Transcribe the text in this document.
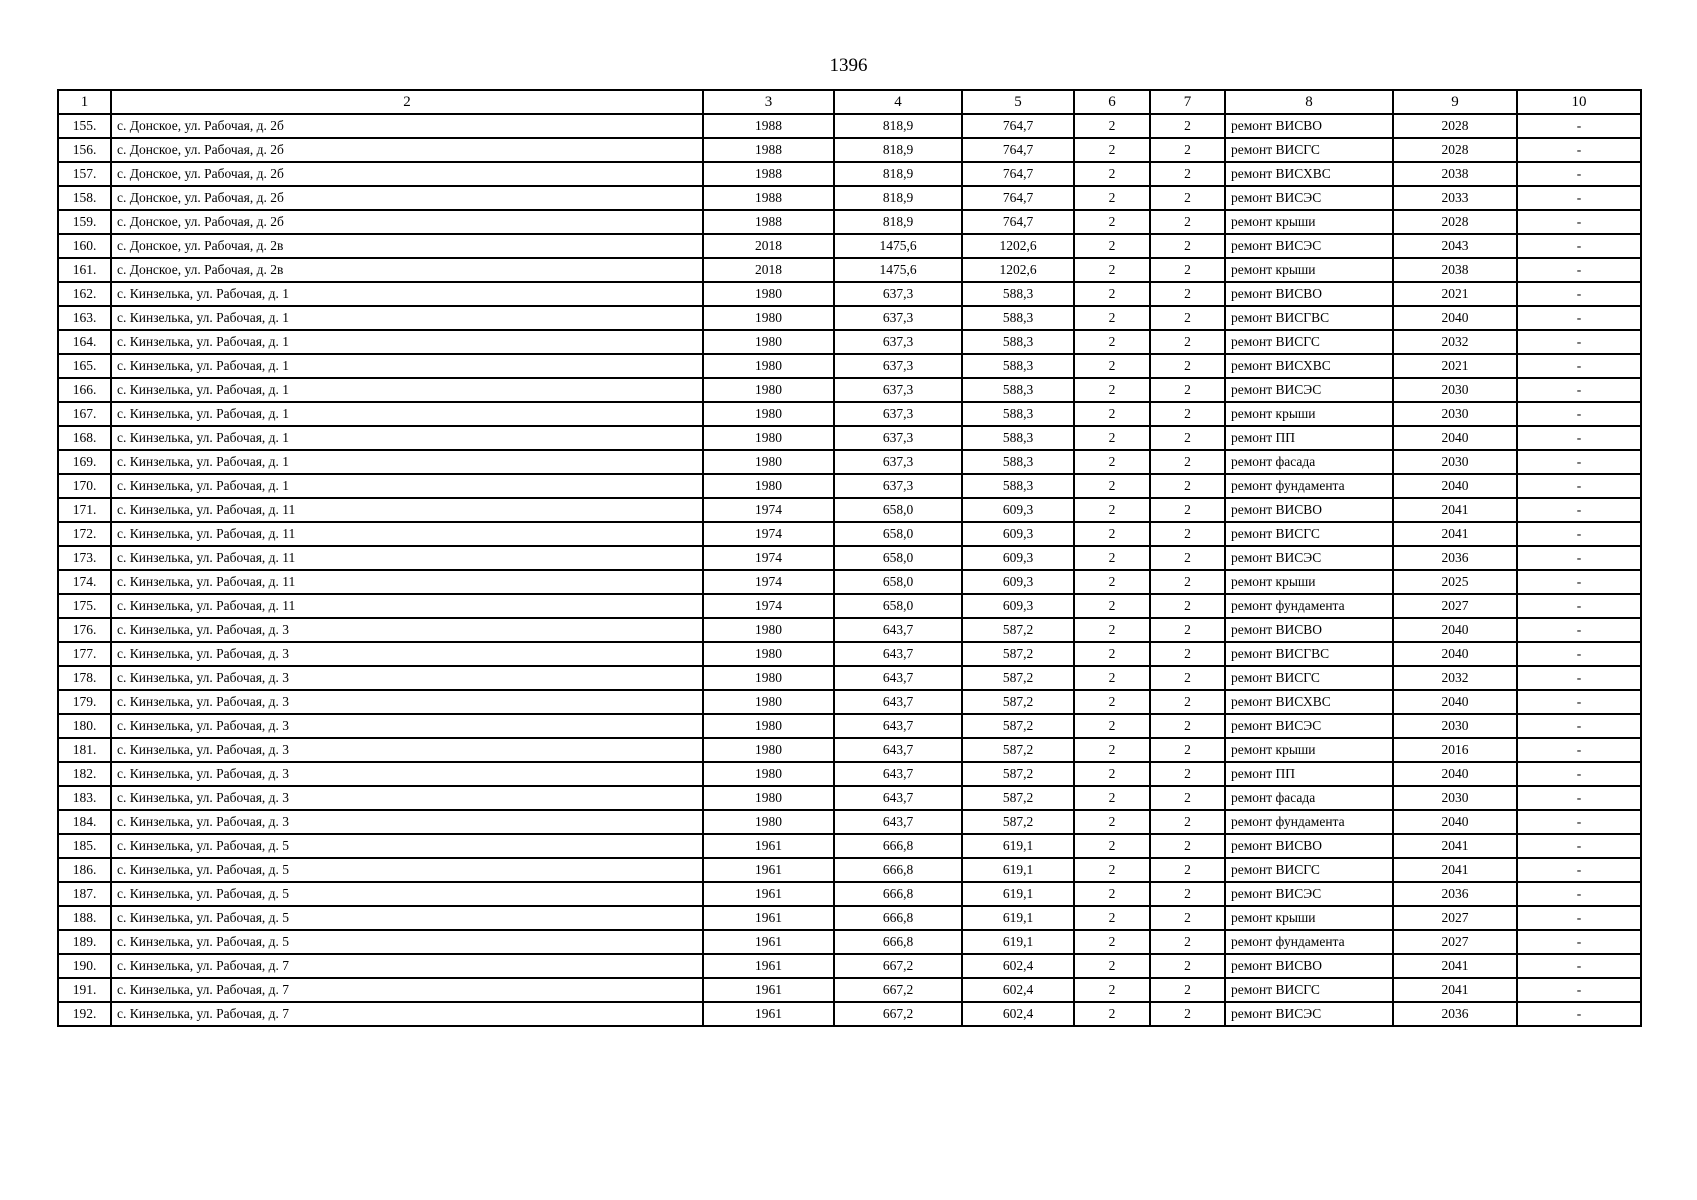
1396
1	2	3	4	5	6	7	8	9	10
155.	с. Донское, ул. Рабочая, д. 2б	1988	818,9	764,7	2	2	ремонт ВИСВО	2028	-
156.	с. Донское, ул. Рабочая, д. 2б	1988	818,9	764,7	2	2	ремонт ВИСГС	2028	-
157.	с. Донское, ул. Рабочая, д. 2б	1988	818,9	764,7	2	2	ремонт ВИСХВС	2038	-
158.	с. Донское, ул. Рабочая, д. 2б	1988	818,9	764,7	2	2	ремонт ВИСЭС	2033	-
159.	с. Донское, ул. Рабочая, д. 2б	1988	818,9	764,7	2	2	ремонт крыши	2028	-
160.	с. Донское, ул. Рабочая, д. 2в	2018	1475,6	1202,6	2	2	ремонт ВИСЭС	2043	-
161.	с. Донское, ул. Рабочая, д. 2в	2018	1475,6	1202,6	2	2	ремонт крыши	2038	-
162.	с. Кинзелька, ул. Рабочая, д. 1	1980	637,3	588,3	2	2	ремонт ВИСВО	2021	-
163.	с. Кинзелька, ул. Рабочая, д. 1	1980	637,3	588,3	2	2	ремонт ВИСГВС	2040	-
164.	с. Кинзелька, ул. Рабочая, д. 1	1980	637,3	588,3	2	2	ремонт ВИСГС	2032	-
165.	с. Кинзелька, ул. Рабочая, д. 1	1980	637,3	588,3	2	2	ремонт ВИСХВС	2021	-
166.	с. Кинзелька, ул. Рабочая, д. 1	1980	637,3	588,3	2	2	ремонт ВИСЭС	2030	-
167.	с. Кинзелька, ул. Рабочая, д. 1	1980	637,3	588,3	2	2	ремонт крыши	2030	-
168.	с. Кинзелька, ул. Рабочая, д. 1	1980	637,3	588,3	2	2	ремонт ПП	2040	-
169.	с. Кинзелька, ул. Рабочая, д. 1	1980	637,3	588,3	2	2	ремонт фасада	2030	-
170.	с. Кинзелька, ул. Рабочая, д. 1	1980	637,3	588,3	2	2	ремонт фундамента	2040	-
171.	с. Кинзелька, ул. Рабочая, д. 11	1974	658,0	609,3	2	2	ремонт ВИСВО	2041	-
172.	с. Кинзелька, ул. Рабочая, д. 11	1974	658,0	609,3	2	2	ремонт ВИСГС	2041	-
173.	с. Кинзелька, ул. Рабочая, д. 11	1974	658,0	609,3	2	2	ремонт ВИСЭС	2036	-
174.	с. Кинзелька, ул. Рабочая, д. 11	1974	658,0	609,3	2	2	ремонт крыши	2025	-
175.	с. Кинзелька, ул. Рабочая, д. 11	1974	658,0	609,3	2	2	ремонт фундамента	2027	-
176.	с. Кинзелька, ул. Рабочая, д. 3	1980	643,7	587,2	2	2	ремонт ВИСВО	2040	-
177.	с. Кинзелька, ул. Рабочая, д. 3	1980	643,7	587,2	2	2	ремонт ВИСГВС	2040	-
178.	с. Кинзелька, ул. Рабочая, д. 3	1980	643,7	587,2	2	2	ремонт ВИСГС	2032	-
179.	с. Кинзелька, ул. Рабочая, д. 3	1980	643,7	587,2	2	2	ремонт ВИСХВС	2040	-
180.	с. Кинзелька, ул. Рабочая, д. 3	1980	643,7	587,2	2	2	ремонт ВИСЭС	2030	-
181.	с. Кинзелька, ул. Рабочая, д. 3	1980	643,7	587,2	2	2	ремонт крыши	2016	-
182.	с. Кинзелька, ул. Рабочая, д. 3	1980	643,7	587,2	2	2	ремонт ПП	2040	-
183.	с. Кинзелька, ул. Рабочая, д. 3	1980	643,7	587,2	2	2	ремонт фасада	2030	-
184.	с. Кинзелька, ул. Рабочая, д. 3	1980	643,7	587,2	2	2	ремонт фундамента	2040	-
185.	с. Кинзелька, ул. Рабочая, д. 5	1961	666,8	619,1	2	2	ремонт ВИСВО	2041	-
186.	с. Кинзелька, ул. Рабочая, д. 5	1961	666,8	619,1	2	2	ремонт ВИСГС	2041	-
187.	с. Кинзелька, ул. Рабочая, д. 5	1961	666,8	619,1	2	2	ремонт ВИСЭС	2036	-
188.	с. Кинзелька, ул. Рабочая, д. 5	1961	666,8	619,1	2	2	ремонт крыши	2027	-
189.	с. Кинзелька, ул. Рабочая, д. 5	1961	666,8	619,1	2	2	ремонт фундамента	2027	-
190.	с. Кинзелька, ул. Рабочая, д. 7	1961	667,2	602,4	2	2	ремонт ВИСВО	2041	-
191.	с. Кинзелька, ул. Рабочая, д. 7	1961	667,2	602,4	2	2	ремонт ВИСГС	2041	-
192.	с. Кинзелька, ул. Рабочая, д. 7	1961	667,2	602,4	2	2	ремонт ВИСЭС	2036	-
